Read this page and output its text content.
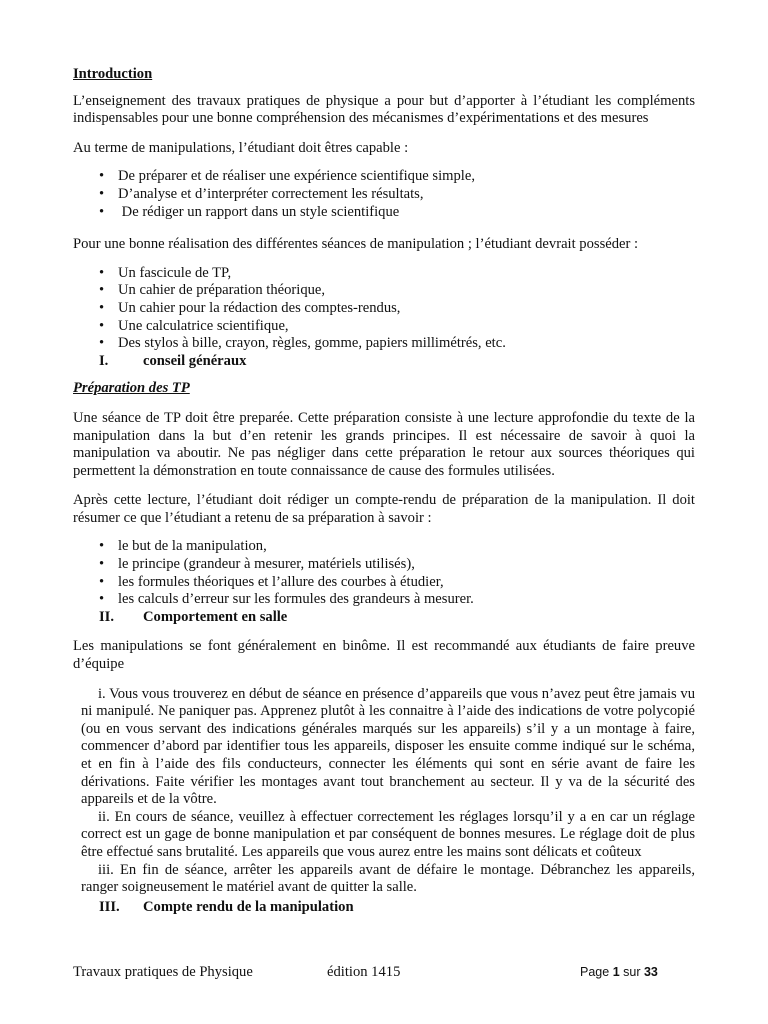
Introduction

L’enseignement des travaux pratiques de physique a pour but d’apporter à l’étudiant les compléments indispensables pour une bonne compréhension des mécanismes d’expérimentations et des mesures

Au terme de manipulations, l’étudiant doit êtres capable :

• De préparer et de réaliser une expérience scientifique simple,
• D’analyse et d’interpréter correctement les résultats,
•  De rédiger un rapport dans un style scientifique

Pour une bonne réalisation des différentes séances de manipulation ; l’étudiant devrait posséder :

• Un fascicule de TP,
• Un cahier de préparation théorique,
• Un cahier pour la rédaction des comptes-rendus,
• Une calculatrice scientifique,
• Des stylos à bille, crayon, règles, gomme, papiers millimétrés, etc.
I.	conseil généraux
Préparation des TP

Une séance de TP doit être preparée. Cette préparation consiste à une lecture approfondie du texte de la manipulation dans la but d’en retenir les grands principes. Il est nécessaire de savoir à quoi la manipulation va aboutir. Ne pas négliger dans cette préparation le retour aux sources théoriques qui permettent la démonstration en toute connaissance de cause des formules utilisées.

Après cette lecture, l’étudiant doit rédiger un compte-rendu de préparation de la manipulation. Il doit résumer ce que l’étudiant a retenu de sa préparation à savoir :

• le but de la manipulation,
• le principe (grandeur à mesurer, matériels utilisés),
• les formules théoriques et l’allure des courbes à étudier,
• les calculs d’erreur sur les formules des grandeurs à mesurer.
II.	Comportement en salle

Les manipulations se font généralement en binôme. Il est recommandé aux étudiants de faire preuve d’équipe

i. Vous vous trouverez en début de séance en présence d’appareils que vous n’avez peut être jamais vu ni manipulé. Ne paniquer pas. Apprenez plutôt à les connaitre à l’aide des indications de votre polycopié (ou en vous servant des indications générales marqués sur les appareils) s’il y a un montage à faire, commencer d’abord par identifier tous les appareils, disposer les ensuite comme indiqué sur le schéma, et en fin à l’aide des fils conducteurs, connecter les éléments qui sont en série avant de faire les dérivations. Faite vérifier les montages avant tout branchement au secteur. Il y va de la sécurité des appareils et de la vôtre.
ii. En cours de séance, veuillez à effectuer correctement les réglages lorsqu’il y a en car un réglage correct est un gage de bonne manipulation et par conséquent de bonnes mesures. Le réglage doit de plus être effectué sans brutalité. Les appareils que vous aurez entre les mains sont délicats et coûteux
iii. En fin de séance, arrêter les appareils avant de défaire le montage. Débranchez les appareils, ranger soigneusement le matériel avant de quitter la salle.
III.	Compte rendu de la manipulation
Travaux pratiques de Physique	édition 1415	Page 1 sur 33
